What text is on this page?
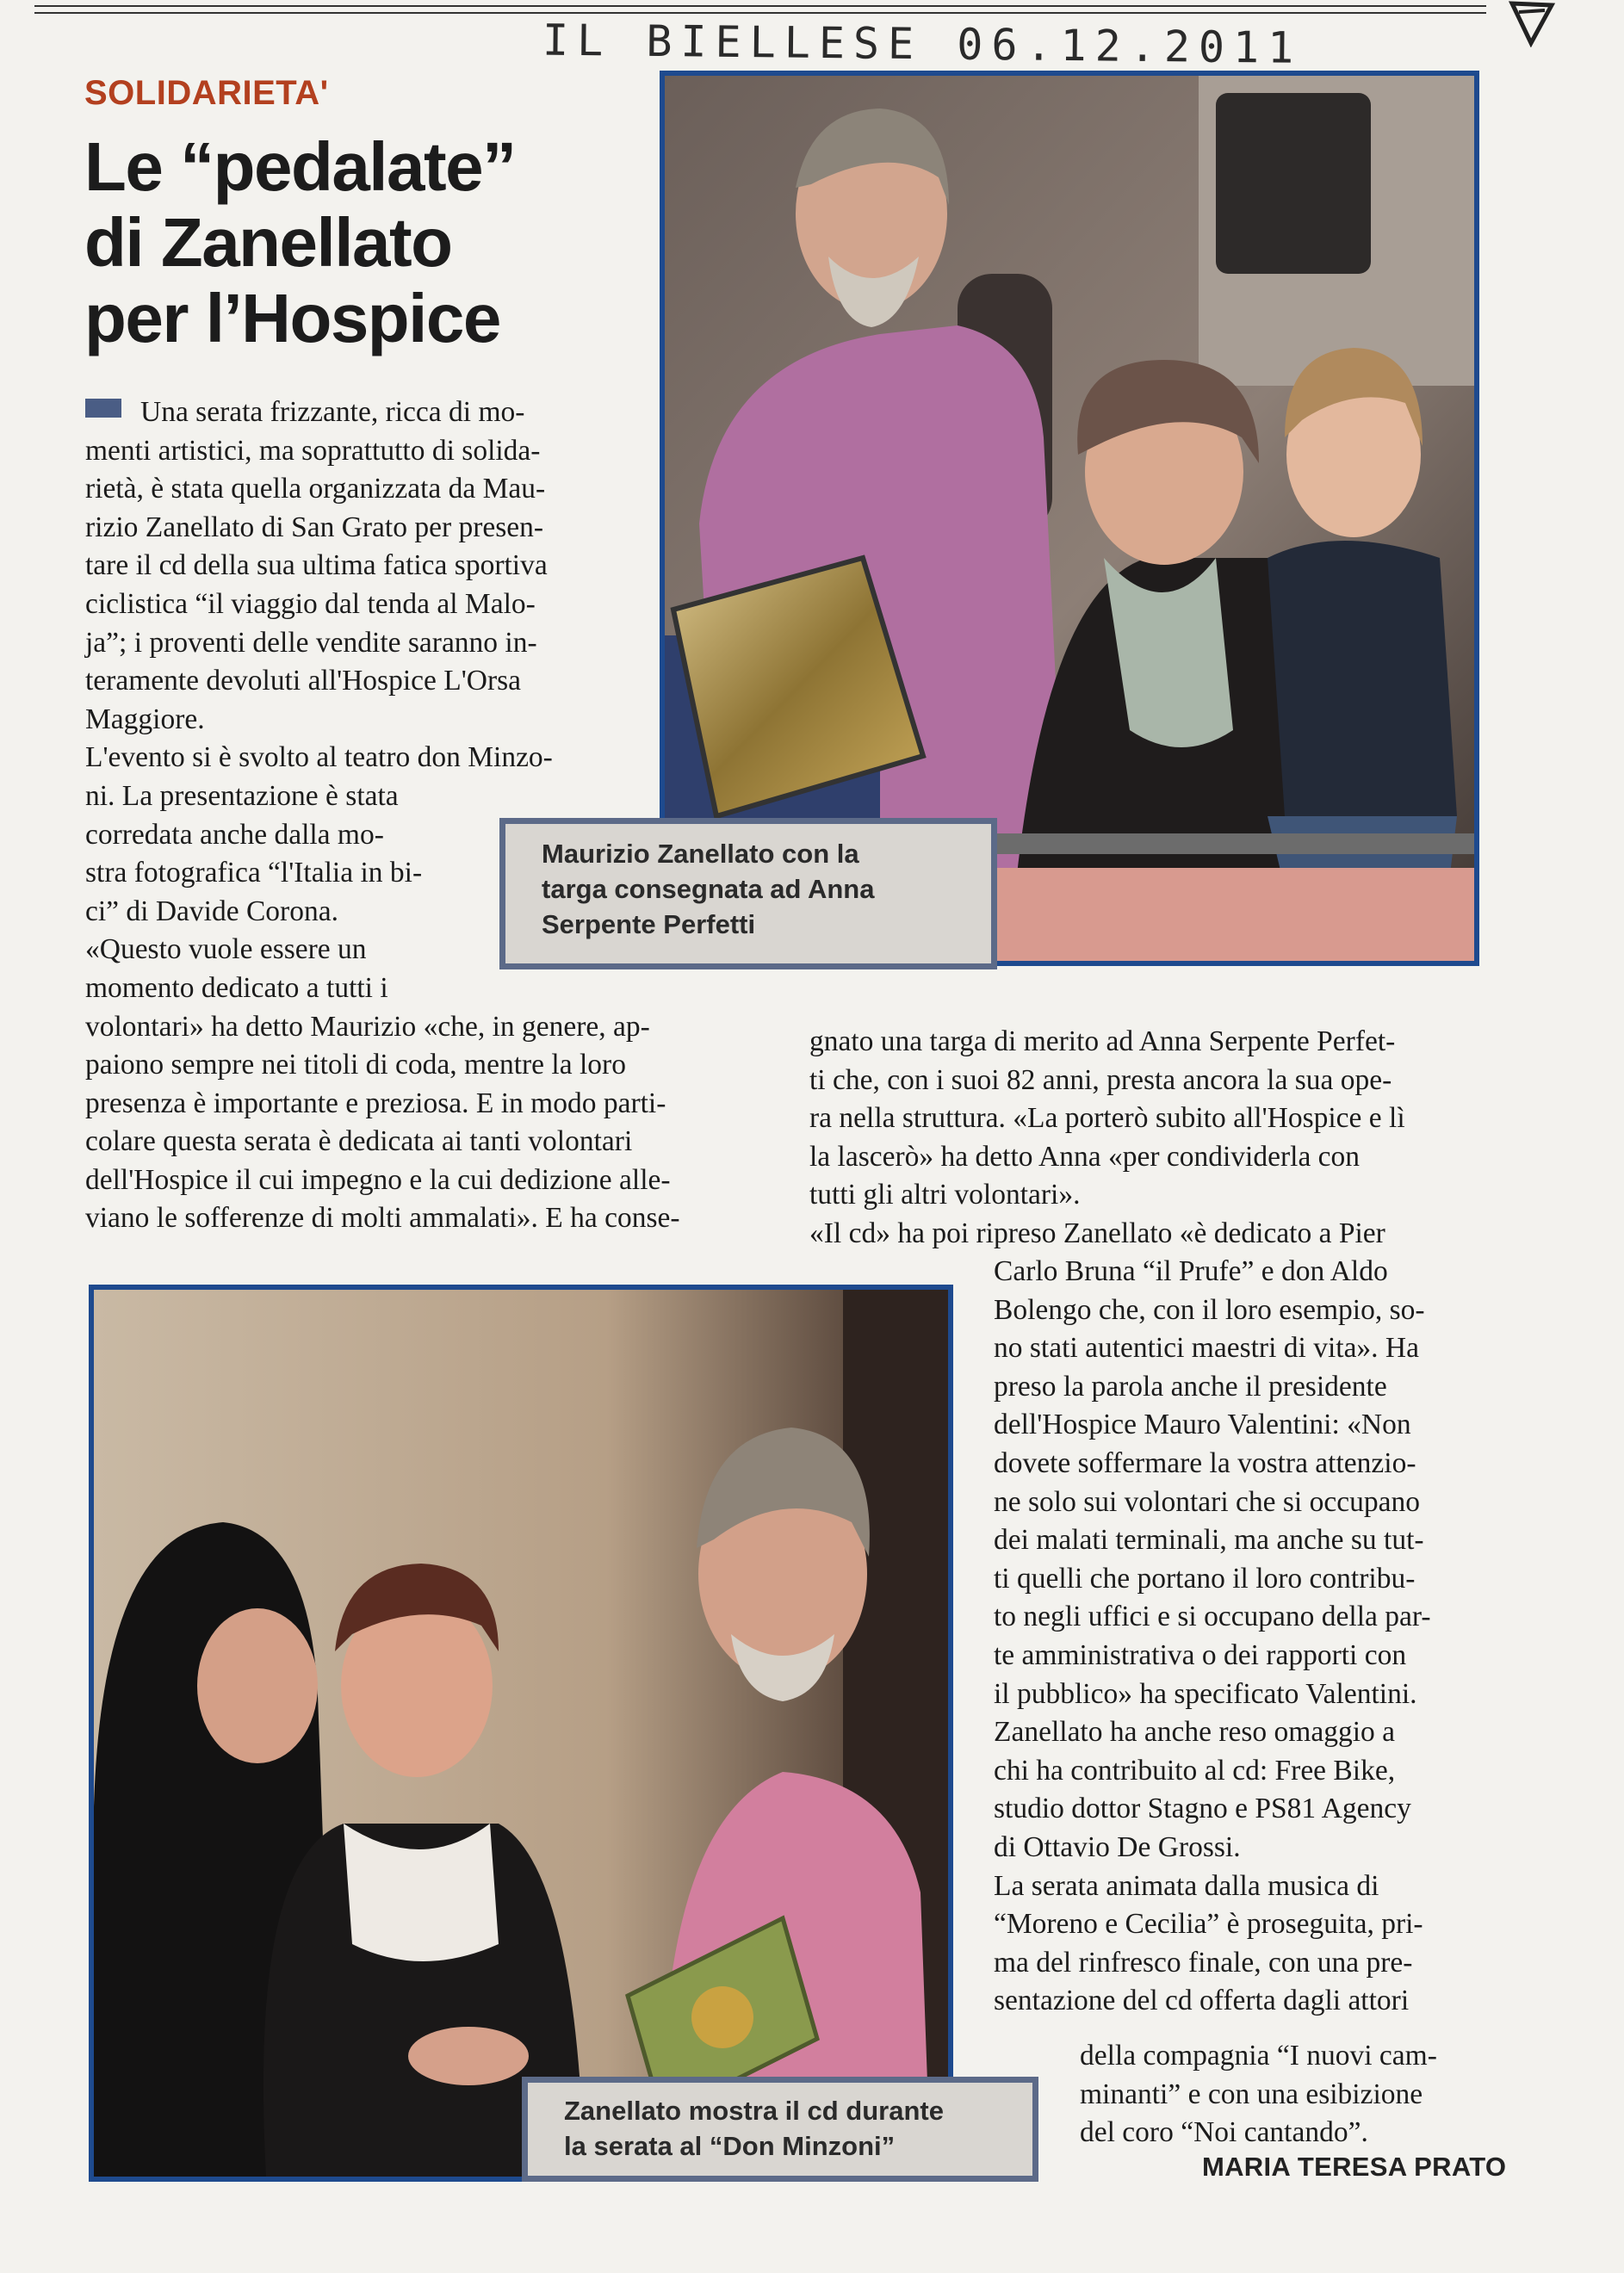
IL BIELLESE 06.12.2011
SOLIDARIETA'
Le “pedalate”
di Zanellato
per l’Hospice
Maurizio Zanellato con la
targa consegnata ad Anna
Serpente Perfetti
Zanellato mostra il cd durante
la serata al “Don Minzoni”

Una serata frizzante, ricca di mo-
menti artistici, ma soprattutto di solida-
rietà, è stata quella organizzata da Mau-
rizio Zanellato di San Grato per presen-
tare il cd della sua ultima fatica sportiva
ciclistica “il viaggio dal tenda al Malo-
ja”; i proventi delle vendite saranno in-
teramente devoluti all'Hospice L'Orsa
Maggiore.
L'evento si è svolto al teatro don Minzo-
ni. La presentazione è stata
corredata anche dalla mo-
stra fotografica “l'Italia in bi-
ci” di Davide Corona.
«Questo vuole essere un
momento dedicato a tutti i
volontari» ha detto Maurizio «che, in genere, ap-
paiono sempre nei titoli di coda, mentre la loro
presenza è importante e preziosa. E in modo parti-
colare questa serata è dedicata ai tanti volontari
dell'Hospice il cui impegno e la cui dedizione alle-
viano le sofferenze di molti ammalati». E ha conse-

gnato una targa di merito ad Anna Serpente Perfet-
ti che, con i suoi 82 anni, presta ancora la sua ope-
ra nella struttura. «La porterò subito all'Hospice e lì
la lascerò» ha detto Anna «per condividerla con
tutti gli altri volontari».
«Il cd» ha poi ripreso Zanellato «è dedicato a Pier
Carlo Bruna “il Prufe” e don Aldo
Bolengo che, con il loro esempio, so-
no stati autentici maestri di vita». Ha
preso la parola anche il presidente
dell'Hospice Mauro Valentini: «Non
dovete soffermare la vostra attenzio-
ne solo sui volontari che si occupano
dei malati terminali, ma anche su tut-
ti quelli che portano il loro contribu-
to negli uffici e si occupano della par-
te amministrativa o dei rapporti con
il pubblico» ha specificato Valentini.
Zanellato ha anche reso omaggio a
chi ha contribuito al cd: Free Bike,
studio dottor Stagno e PS81 Agency
di Ottavio De Grossi.
La serata animata dalla musica di
“Moreno e Cecilia” è proseguita, pri-
ma del rinfresco finale, con una pre-
sentazione del cd offerta dagli attori
della compagnia “I nuovi cam-
minanti” e con una esibizione
del coro “Noi cantando”.
MARIA TERESA PRATO
